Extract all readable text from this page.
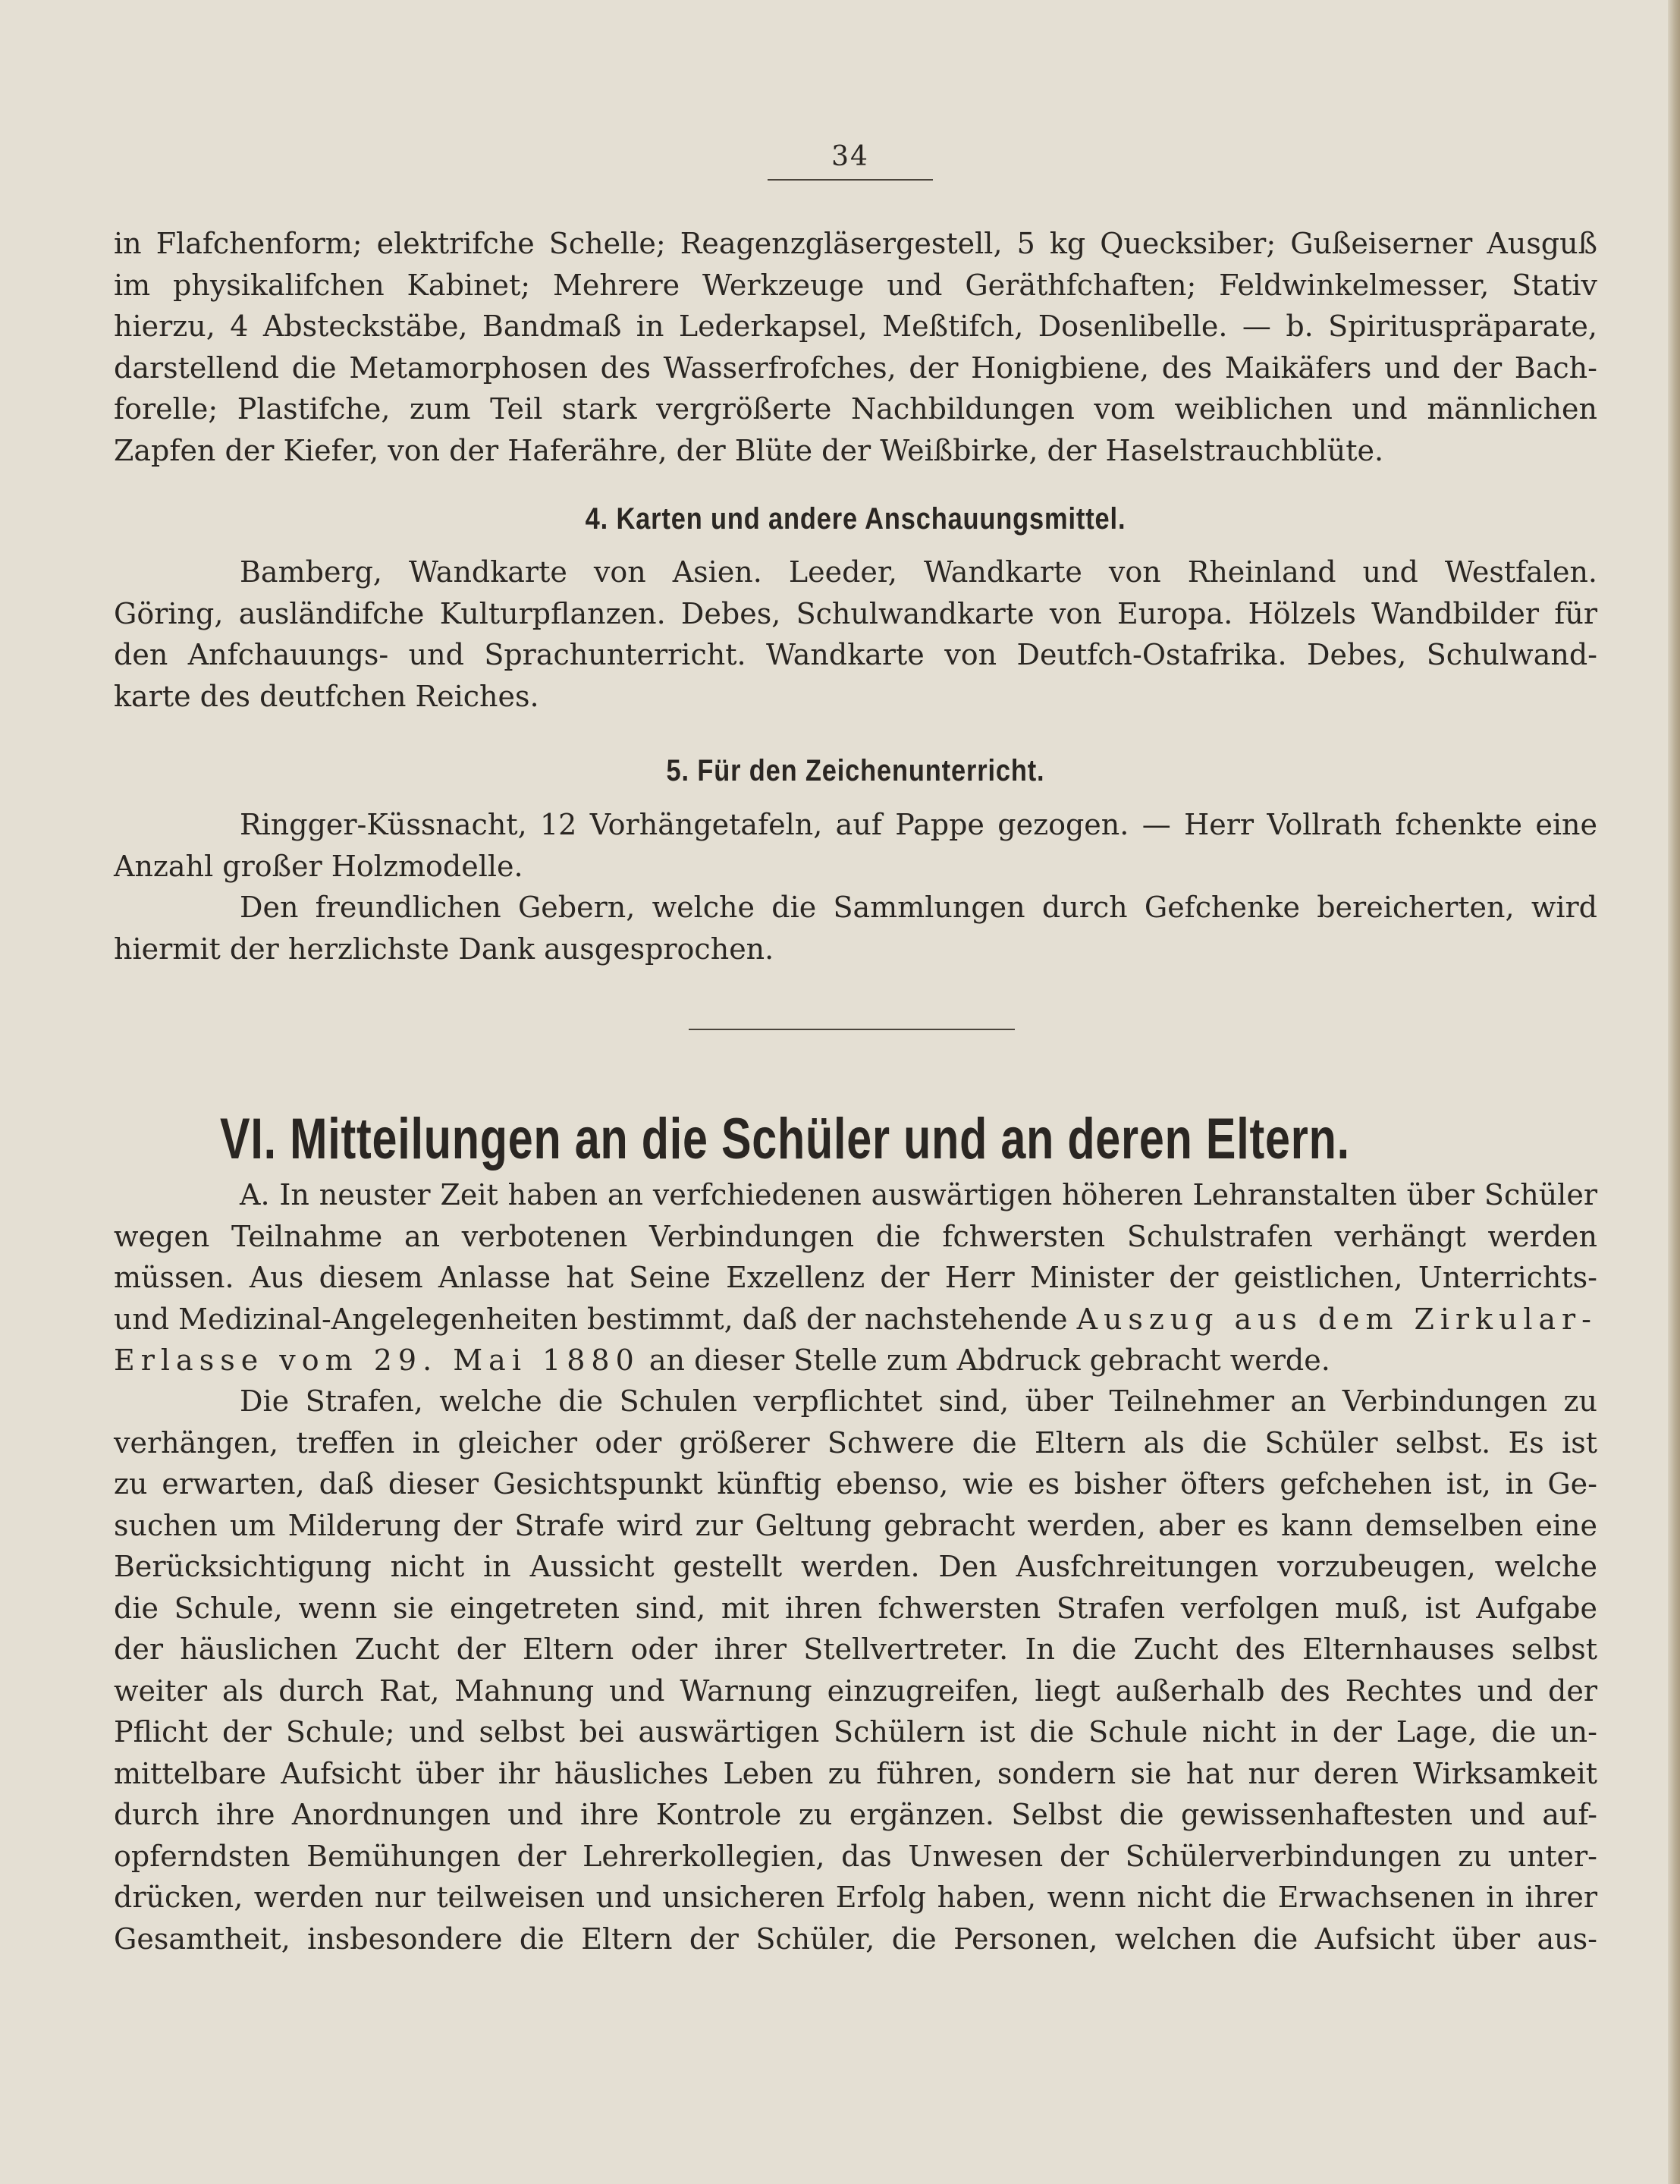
34
in Flafchenform; elektrifche Schelle; Reagenzgläsergestell, 5 kg Quecksiber; Gußeiserner Ausguß
im physikalifchen Kabinet; Mehrere Werkzeuge und Geräthfchaften; Feldwinkelmesser, Stativ
hierzu, 4 Absteckstäbe, Bandmaß in Lederkapsel, Meßtifch, Dosenlibelle. — b. Spirituspräparate,
darstellend die Metamorphosen des Wasserfrofches, der Honigbiene, des Maikäfers und der Bach-
forelle; Plastifche, zum Teil stark vergrößerte Nachbildungen vom weiblichen und männlichen
Zapfen der Kiefer, von der Haferähre, der Blüte der Weißbirke, der Haselstrauchblüte.
4. Karten und andere Anschauungsmittel.
Bamberg, Wandkarte von Asien. Leeder, Wandkarte von Rheinland und Westfalen.
Göring, ausländifche Kulturpflanzen. Debes, Schulwandkarte von Europa. Hölzels Wandbilder für
den Anfchauungs- und Sprachunterricht. Wandkarte von Deutfch-Ostafrika. Debes, Schulwand-
karte des deutfchen Reiches.
5. Für den Zeichenunterricht.
Ringger-Küssnacht, 12 Vorhängetafeln, auf Pappe gezogen. — Herr Vollrath fchenkte eine
Anzahl großer Holzmodelle.
Den freundlichen Gebern, welche die Sammlungen durch Gefchenke bereicherten, wird
hiermit der herzlichste Dank ausgesprochen.
VI. Mitteilungen an die Schüler und an deren Eltern.
A. In neuster Zeit haben an verfchiedenen auswärtigen höheren Lehranstalten über Schüler
wegen Teilnahme an verbotenen Verbindungen die fchwersten Schulstrafen verhängt werden
müssen. Aus diesem Anlasse hat Seine Exzellenz der Herr Minister der geistlichen, Unterrichts-
und Medizinal-Angelegenheiten bestimmt, daß der nachstehende Auszug aus dem Zirkular-
Erlasse vom 29. Mai 1880 an dieser Stelle zum Abdruck gebracht werde.
Die Strafen, welche die Schulen verpflichtet sind, über Teilnehmer an Verbindungen zu
verhängen, treffen in gleicher oder größerer Schwere die Eltern als die Schüler selbst. Es ist
zu erwarten, daß dieser Gesichtspunkt künftig ebenso, wie es bisher öfters gefchehen ist, in Ge-
suchen um Milderung der Strafe wird zur Geltung gebracht werden, aber es kann demselben eine
Berücksichtigung nicht in Aussicht gestellt werden. Den Ausfchreitungen vorzubeugen, welche
die Schule, wenn sie eingetreten sind, mit ihren fchwersten Strafen verfolgen muß, ist Aufgabe
der häuslichen Zucht der Eltern oder ihrer Stellvertreter. In die Zucht des Elternhauses selbst
weiter als durch Rat, Mahnung und Warnung einzugreifen, liegt außerhalb des Rechtes und der
Pflicht der Schule; und selbst bei auswärtigen Schülern ist die Schule nicht in der Lage, die un-
mittelbare Aufsicht über ihr häusliches Leben zu führen, sondern sie hat nur deren Wirksamkeit
durch ihre Anordnungen und ihre Kontrole zu ergänzen. Selbst die gewissenhaftesten und auf-
opferndsten Bemühungen der Lehrerkollegien, das Unwesen der Schülerverbindungen zu unter-
drücken, werden nur teilweisen und unsicheren Erfolg haben, wenn nicht die Erwachsenen in ihrer
Gesamtheit, insbesondere die Eltern der Schüler, die Personen, welchen die Aufsicht über aus-
